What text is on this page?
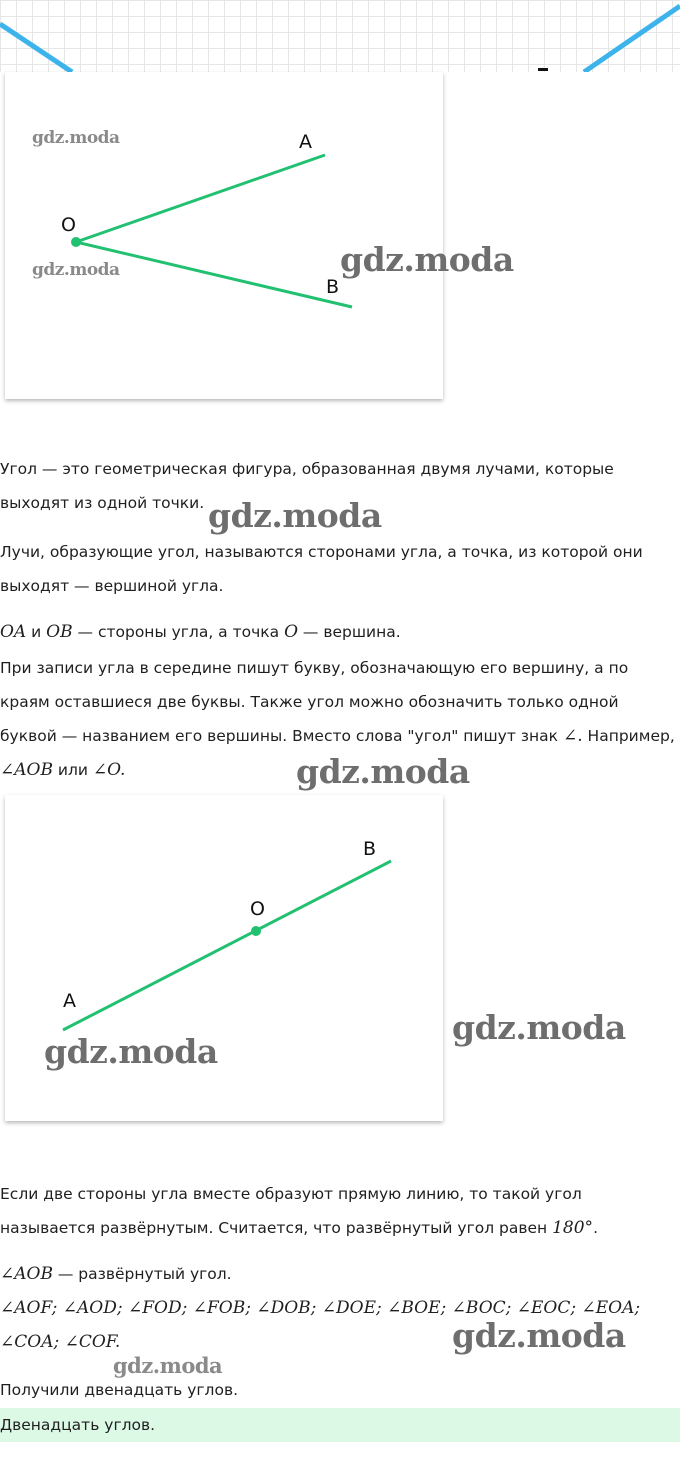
A
O
B
B
O
A
gdz.moda
gdz.moda	gdz.moda
gdz.moda
gdz.moda
gdz.moda
gdz.moda
gdz.moda
gdz.moda

Угол — это геометрическая фигура, образованная двумя лучами, которые выходят из одной точки.

Лучи, образующие угол, называются сторонами угла, а точка, из которой они выходят — вершиной угла.

OA и OB — стороны угла, а точка O — вершина.

При записи угла в середине пишут букву, обозначающую его вершину, а по краям оставшиеся две буквы. Также угол можно обозначить только одной буквой — названием его вершины. Вместо слова "угол" пишут знак ∠. Например, ∠AOB или ∠O.

Если две стороны угла вместе образуют прямую линию, то такой угол называется развёрнутым. Считается, что развёрнутый угол равен 180°.

∠AOB — развёрнутый угол.

∠AOF; ∠AOD; ∠FOD; ∠FOB; ∠DOB; ∠DOE; ∠BOE; ∠BOC; ∠EOC; ∠EOA; ∠COA; ∠COF.

Получили двенадцать углов.

Двенадцать углов.
